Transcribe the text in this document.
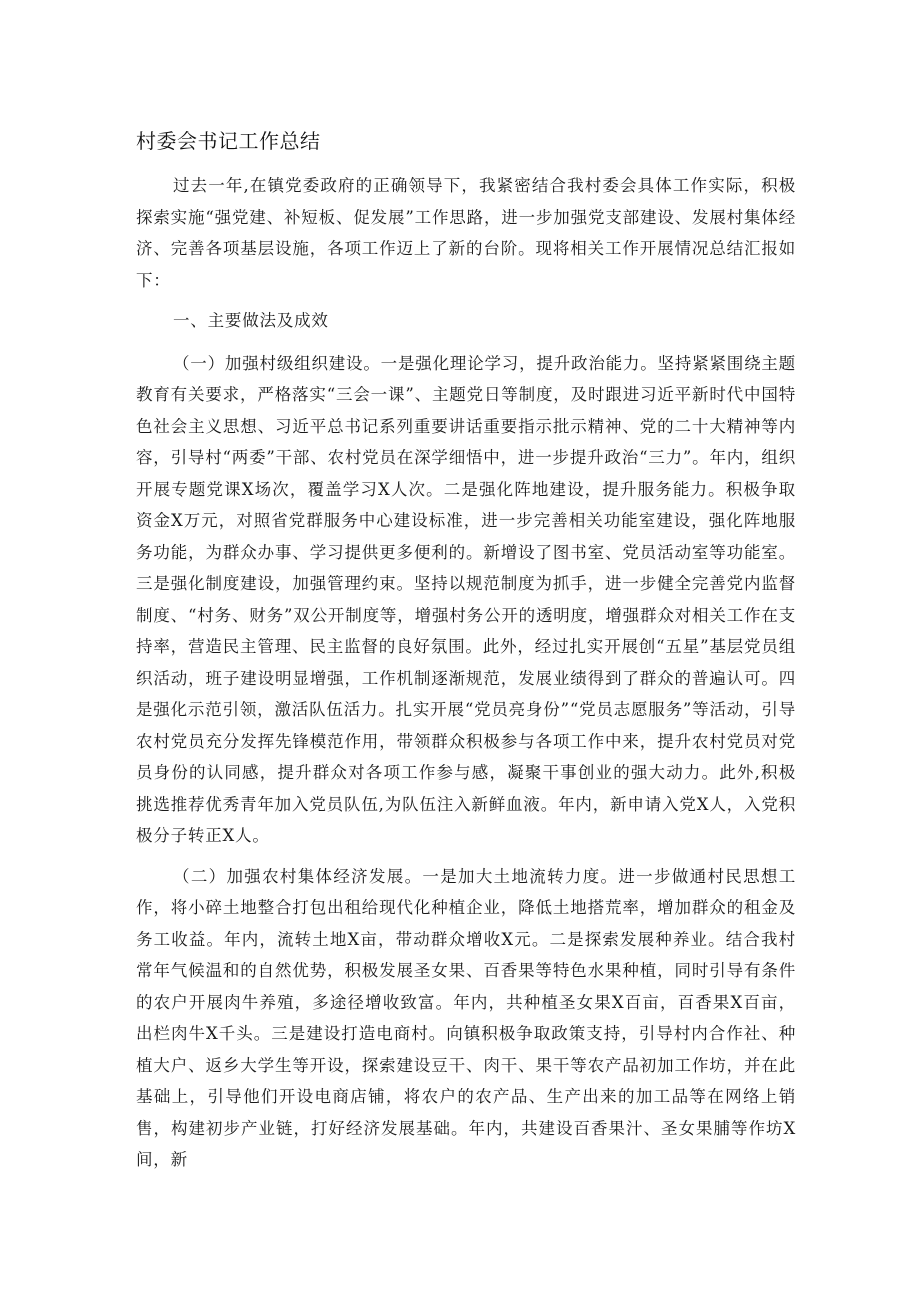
村委会书记工作总结

过去一年,在镇党委政府的正确领导下，我紧密结合我村委会具体工作实际，积极探索实施“强党建、补短板、促发展”工作思路，进一步加强党支部建设、发展村集体经济、完善各项基层设施，各项工作迈上了新的台阶。现将相关工作开展情况总结汇报如下：

一、主要做法及成效

（一）加强村级组织建设。一是强化理论学习，提升政治能力。坚持紧紧围绕主题教育有关要求，严格落实“三会一课”、主题党日等制度，及时跟进习近平新时代中国特色社会主义思想、习近平总书记系列重要讲话重要指示批示精神、党的二十大精神等内容，引导村“两委”干部、农村党员在深学细悟中，进一步提升政治“三力”。年内，组织开展专题党课X场次，覆盖学习X人次。二是强化阵地建设，提升服务能力。积极争取资金X万元，对照省党群服务中心建设标准，进一步完善相关功能室建设，强化阵地服务功能，为群众办事、学习提供更多便利的。新增设了图书室、党员活动室等功能室。三是强化制度建设，加强管理约束。坚持以规范制度为抓手，进一步健全完善党内监督制度、“村务、财务”双公开制度等，增强村务公开的透明度，增强群众对相关工作在支持率，营造民主管理、民主监督的良好氛围。此外，经过扎实开展创“五星”基层党员组织活动，班子建设明显增强，工作机制逐渐规范，发展业绩得到了群众的普遍认可。四是强化示范引领，激活队伍活力。扎实开展“党员亮身份”“党员志愿服务”等活动，引导农村党员充分发挥先锋模范作用，带领群众积极参与各项工作中来，提升农村党员对党员身份的认同感，提升群众对各项工作参与感，凝聚干事创业的强大动力。此外,积极挑选推荐优秀青年加入党员队伍,为队伍注入新鲜血液。年内，新申请入党X人，入党积极分子转正X人。

（二）加强农村集体经济发展。一是加大土地流转力度。进一步做通村民思想工作，将小碎土地整合打包出租给现代化种植企业，降低土地搭荒率，增加群众的租金及务工收益。年内，流转土地X亩，带动群众增收X元。二是探索发展种养业。结合我村常年气候温和的自然优势，积极发展圣女果、百香果等特色水果种植，同时引导有条件的农户开展肉牛养殖，多途径增收致富。年内，共种植圣女果X百亩，百香果X百亩，出栏肉牛X千头。三是建设打造电商村。向镇积极争取政策支持，引导村内合作社、种植大户、返乡大学生等开设，探索建设豆干、肉干、果干等农产品初加工作坊，并在此基础上，引导他们开设电商店铺，将农户的农产品、生产出来的加工品等在网络上销售，构建初步产业链，打好经济发展基础。年内，共建设百香果汁、圣女果脯等作坊X间，新
